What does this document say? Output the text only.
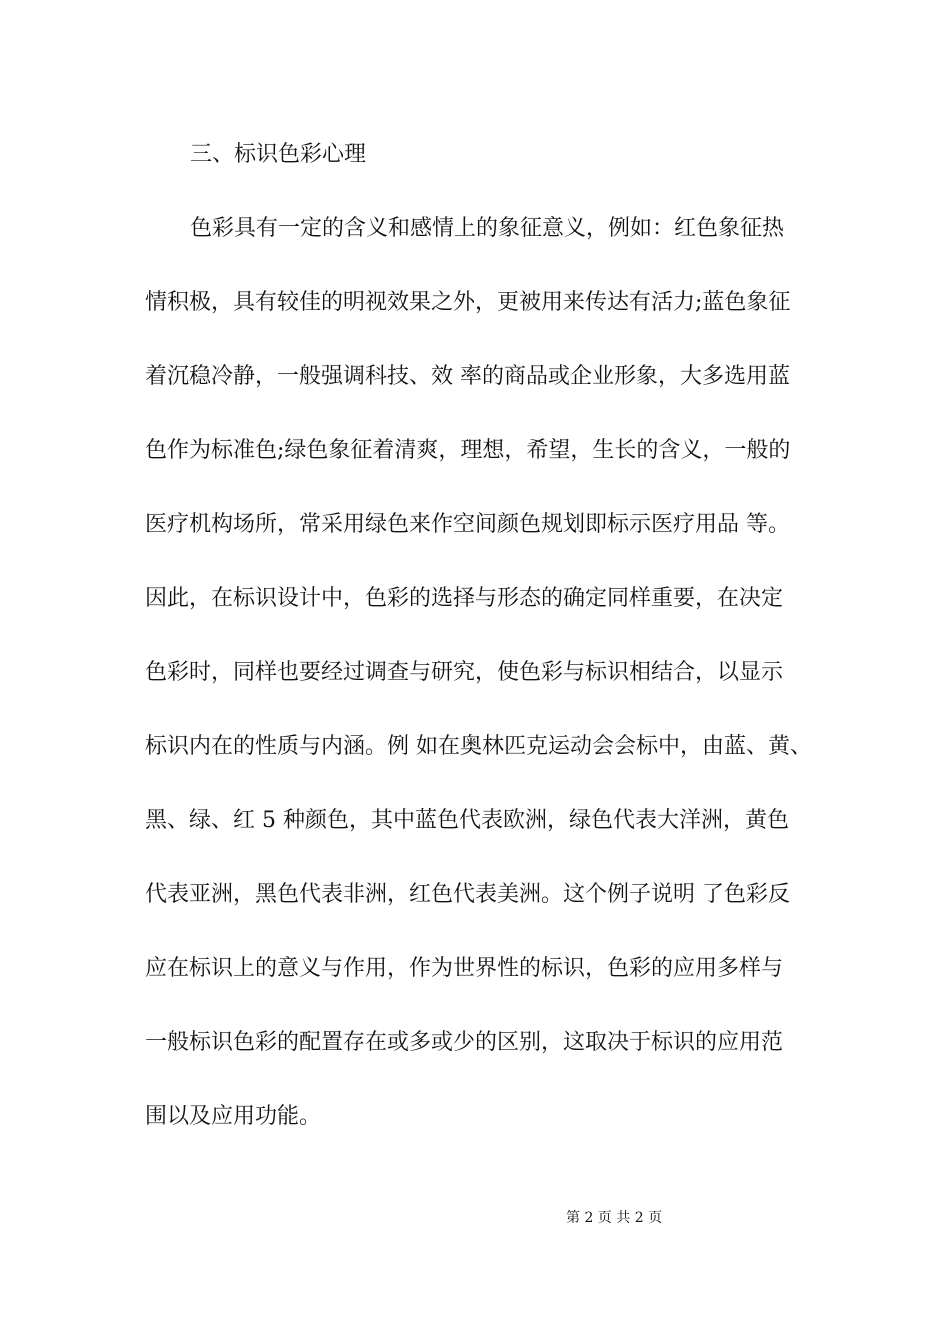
三、标识色彩心理
色彩具有一定的含义和感情上的象征意义，例如：红色象征热
情积极，具有较佳的明视效果之外，更被用来传达有活力;蓝色象征
着沉稳冷静，一般强调科技、效 率的商品或企业形象，大多选用蓝
色作为标准色;绿色象征着清爽，理想，希望，生长的含义，一般的
医疗机构场所，常采用绿色来作空间颜色规划即标示医疗用品 等。
因此，在标识设计中，色彩的选择与形态的确定同样重要，在决定
色彩时，同样也要经过调查与研究，使色彩与标识相结合，以显示
标识内在的性质与内涵。例 如在奥林匹克运动会会标中，由蓝、黄、
黑、绿、红 5 种颜色，其中蓝色代表欧洲，绿色代表大洋洲，黄色
代表亚洲，黑色代表非洲，红色代表美洲。这个例子说明 了色彩反
应在标识上的意义与作用，作为世界性的标识，色彩的应用多样与
一般标识色彩的配置存在或多或少的区别，这取决于标识的应用范
围以及应用功能。
第 2 页 共 2 页
